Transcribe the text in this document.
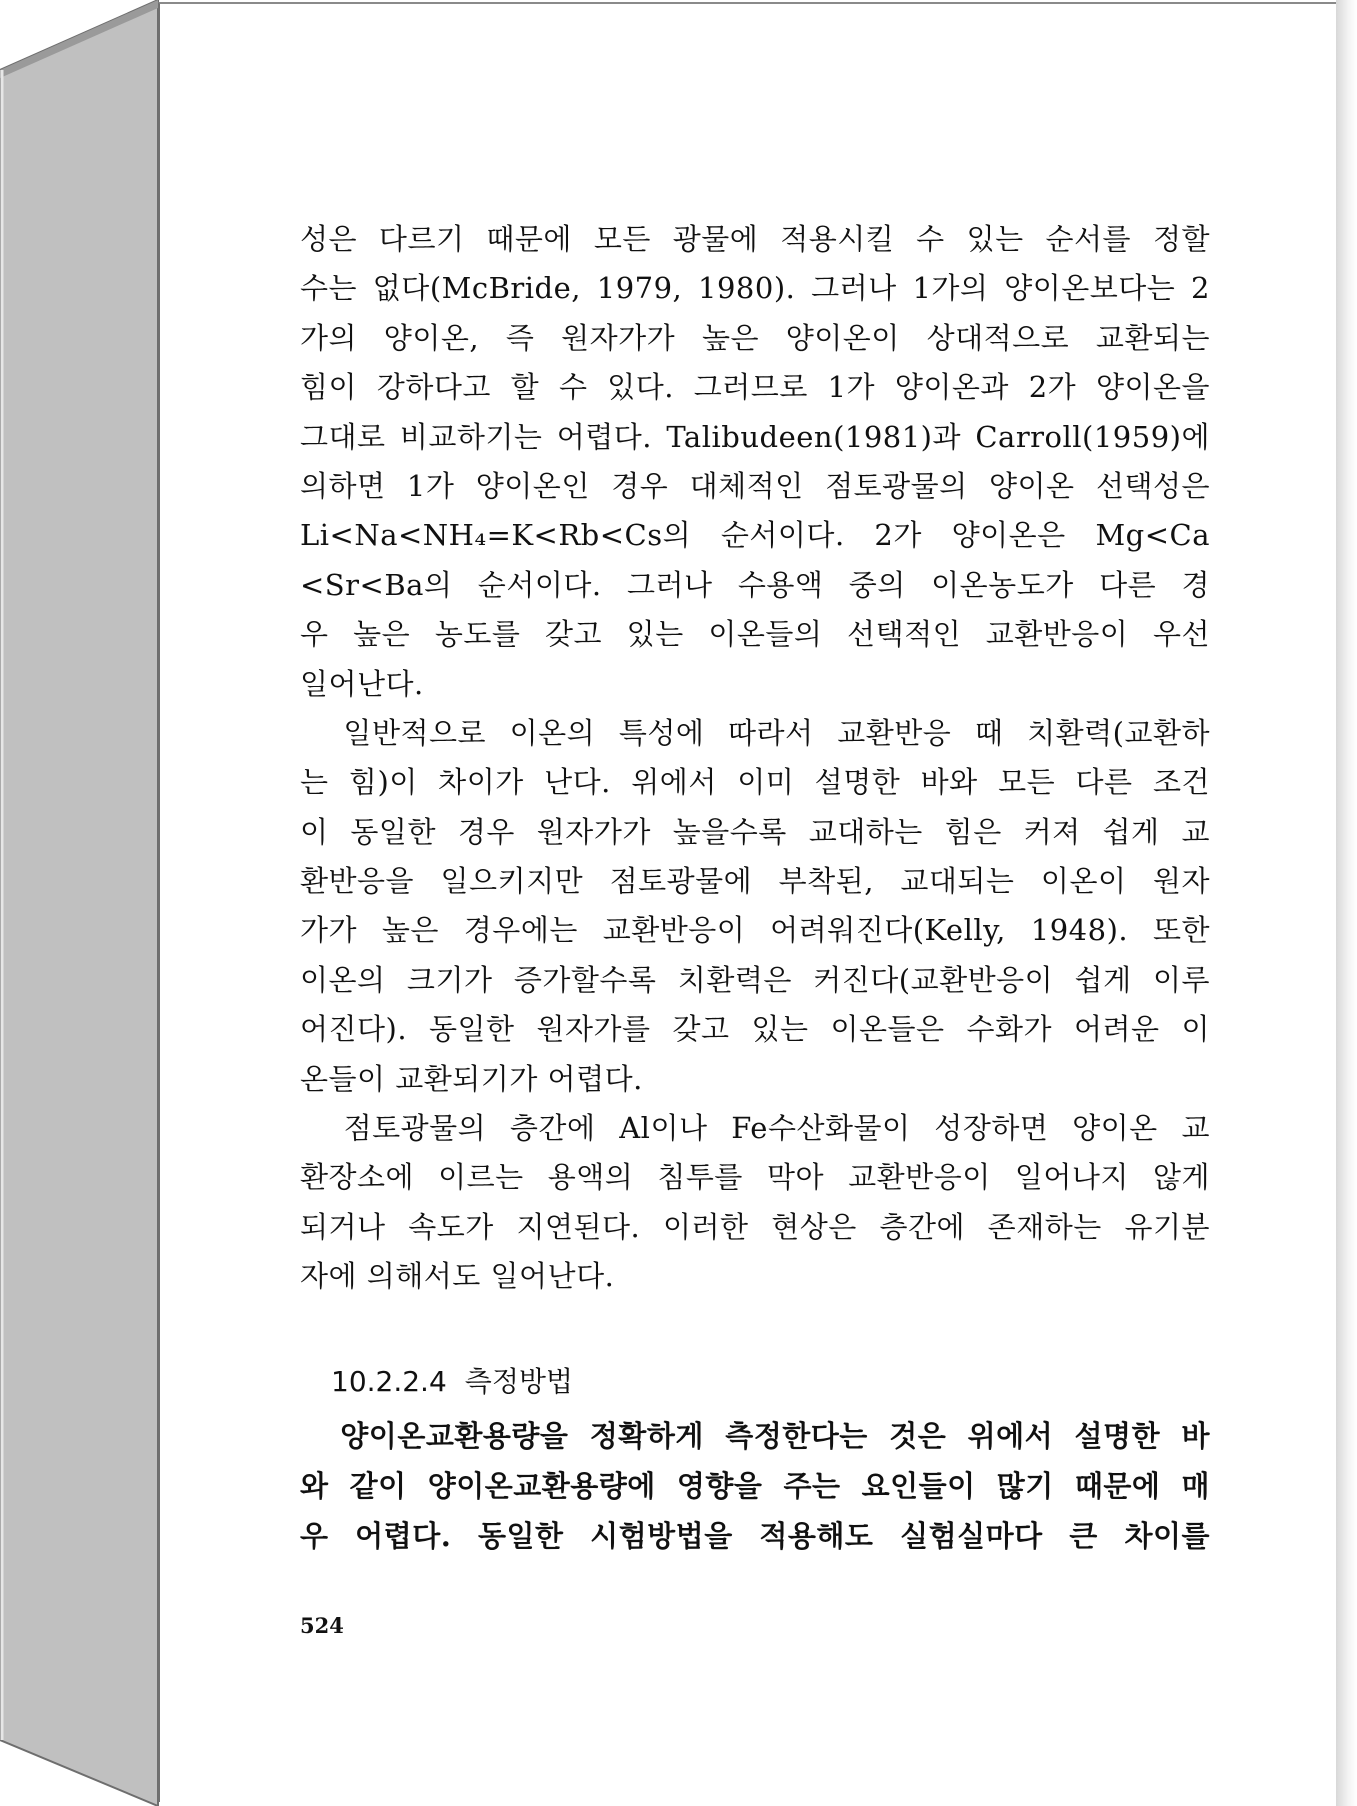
성은 다르기 때문에 모든 광물에 적용시킬 수 있는 순서를 정할
수는 없다(McBride, 1979, 1980). 그러나 1가의 양이온보다는 2
가의 양이온, 즉 원자가가 높은 양이온이 상대적으로 교환되는
힘이 강하다고 할 수 있다. 그러므로 1가 양이온과 2가 양이온을
그대로 비교하기는 어렵다. Talibudeen(1981)과 Carroll(1959)에
의하면 1가 양이온인 경우 대체적인 점토광물의 양이온 선택성은
Li<Na<NH₄=K<Rb<Cs의 순서이다. 2가 양이온은 Mg<Ca
<Sr<Ba의 순서이다. 그러나 수용액 중의 이온농도가 다른 경
우 높은 농도를 갖고 있는 이온들의 선택적인 교환반응이 우선
일어난다.
　일반적으로 이온의 특성에 따라서 교환반응 때 치환력(교환하
는 힘)이 차이가 난다. 위에서 이미 설명한 바와 모든 다른 조건
이 동일한 경우 원자가가 높을수록 교대하는 힘은 커져 쉽게 교
환반응을 일으키지만 점토광물에 부착된, 교대되는 이온이 원자
가가 높은 경우에는 교환반응이 어려워진다(Kelly, 1948). 또한
이온의 크기가 증가할수록 치환력은 커진다(교환반응이 쉽게 이루
어진다). 동일한 원자가를 갖고 있는 이온들은 수화가 어려운 이
온들이 교환되기가 어렵다.
　점토광물의 층간에 Al이나 Fe수산화물이 성장하면 양이온 교
환장소에 이르는 용액의 침투를 막아 교환반응이 일어나지 않게
되거나 속도가 지연된다. 이러한 현상은 층간에 존재하는 유기분
자에 의해서도 일어난다.
10.2.2.4 측정방법
　양이온교환용량을 정확하게 측정한다는 것은 위에서 설명한 바
와 같이 양이온교환용량에 영향을 주는 요인들이 많기 때문에 매
우 어렵다. 동일한 시험방법을 적용해도 실험실마다 큰 차이를
524
